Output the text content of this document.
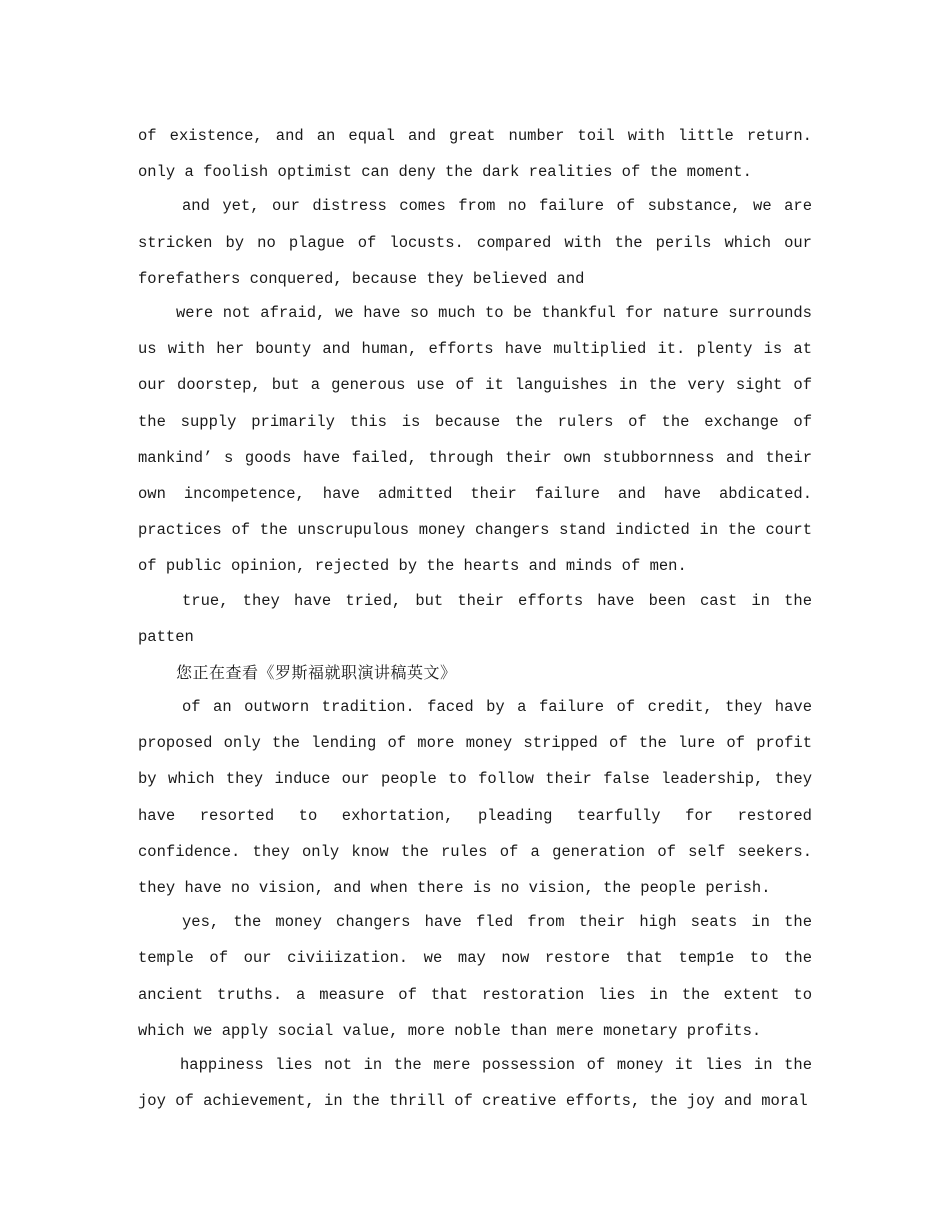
of existence, and an equal and great number toil with little return. only a foolish optimist can deny the dark realities of the moment.

and yet, our distress comes from no failure of substance, we are stricken by no plague of locusts. compared with the perils which our forefathers conquered, because they believed and

were not afraid, we have so much to be thankful for nature surrounds us with her bounty and human, efforts have multiplied it. plenty is at our doorstep, but a generous use of it languishes in the very sight of the supply primarily this is because the rulers of the exchange of mankind’ s goods have failed, through their own stubbornness and their own incompetence, have admitted their failure and have abdicated. practices of the unscrupulous money changers stand indicted in the court of public opinion, rejected by the hearts and minds of men.

true, they have tried, but their efforts have been cast in the patten

您正在查看《罗斯福就职演讲稿英文》

of an outworn tradition. faced by a failure of credit, they have proposed only the lending of more money stripped of the lure of profit by which they induce our people to follow their false leadership, they have resorted to exhortation, pleading tearfully for restored confidence. they only know the rules of a generation of self seekers. they have no vision, and when there is no vision, the people perish.

yes, the money changers have fled from their high seats in the temple of our civiiization. we may now restore that temp1e to the ancient truths. a measure of that restoration lies in the extent to which we apply social value, more noble than mere monetary profits.

happiness lies not in the mere possession of money it lies in the joy of achievement, in the thrill of creative efforts, the joy and moral
